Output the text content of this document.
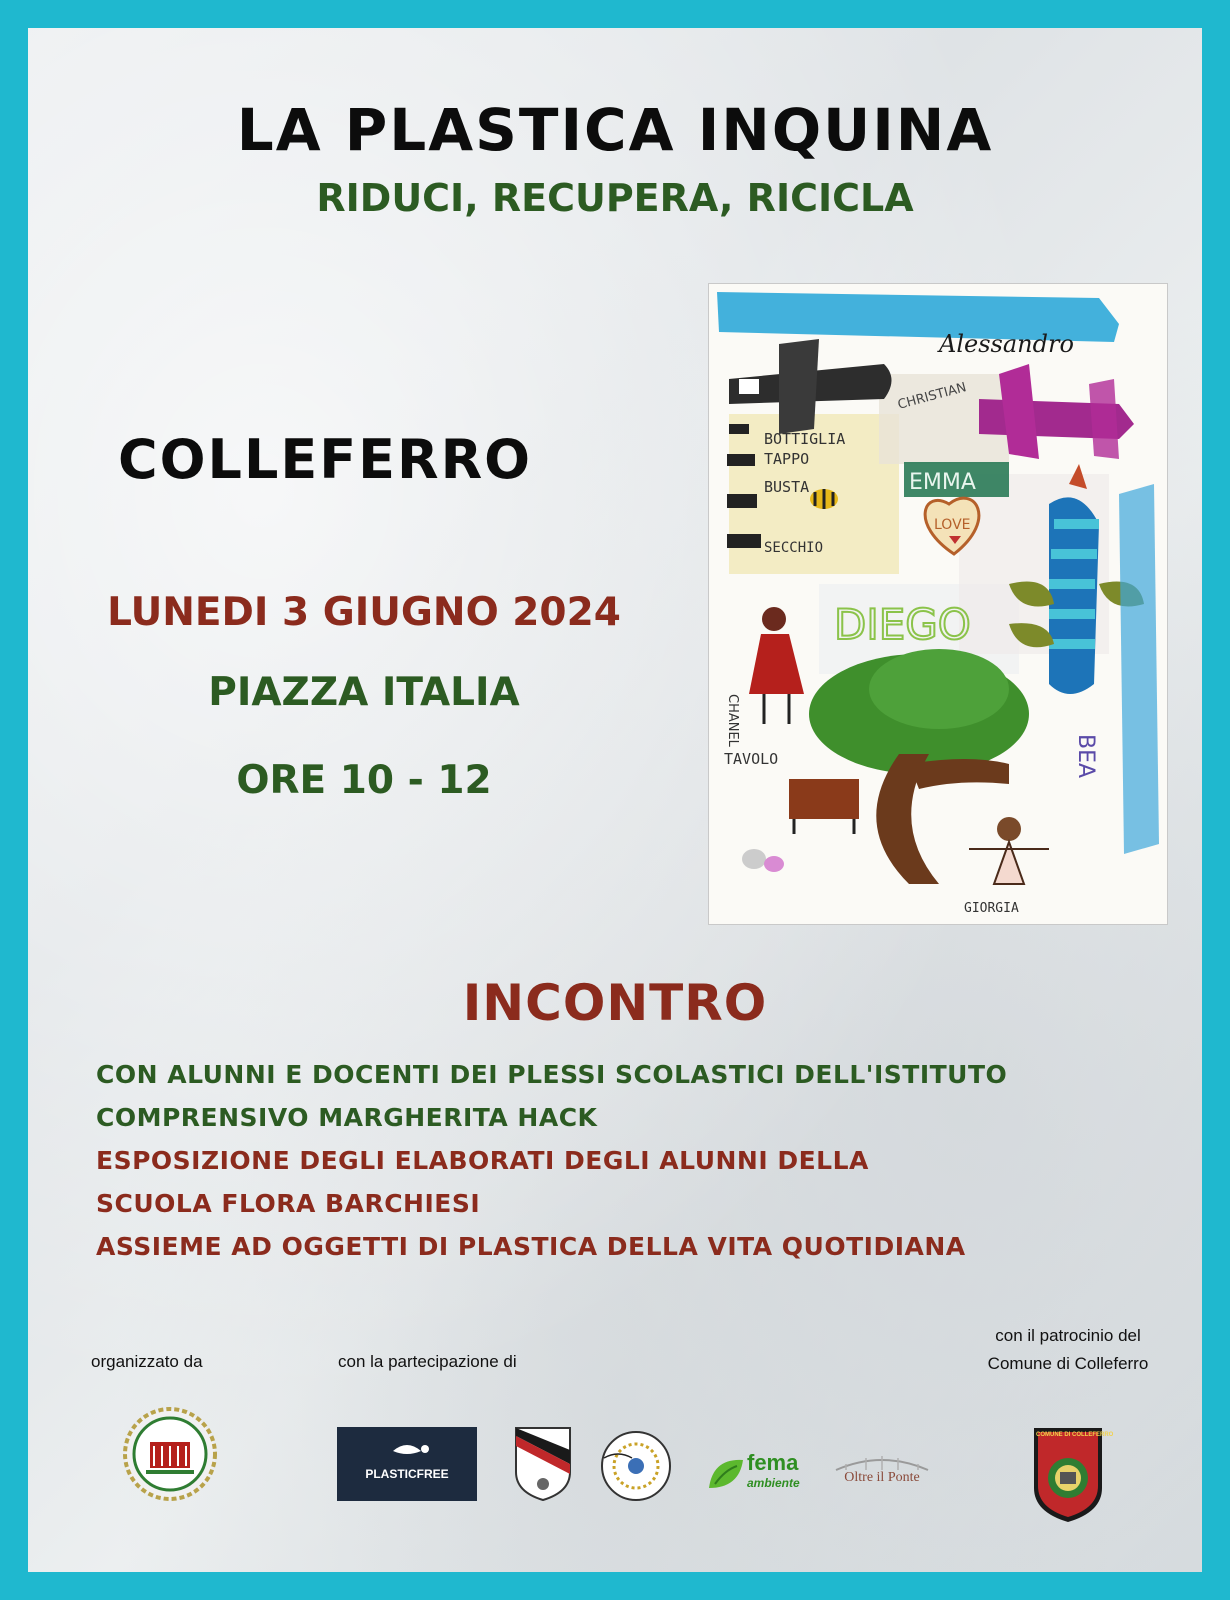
LA PLASTICA INQUINA
RIDUCI, RECUPERA, RICICLA
COLLEFERRO
LUNEDI 3 GIUGNO 2024
PIAZZA ITALIA
ORE 10 - 12
Alessandro
CHRISTIAN
BOTTIGLIA
TAPPO
BUSTA
SECCHIO
EMMA
LOVE
DIEGO
CHANEL
TAVOLO	BEA
GIORGIA
INCONTRO
CON ALUNNI E DOCENTI DEI PLESSI SCOLASTICI DELL'ISTITUTO
COMPRENSIVO MARGHERITA HACK
ESPOSIZIONE DEGLI ELABORATI DEGLI ALUNNI DELLA
SCUOLA FLORA BARCHIESI
ASSIEME AD OGGETTI DI PLASTICA DELLA VITA QUOTIDIANA
organizzato da	con la partecipazione di
con il patrocinio del
Comune di Colleferro
PLASTICFREE	fema
ambiente	Oltre il Ponte
COMUNE DI COLLEFERRO
